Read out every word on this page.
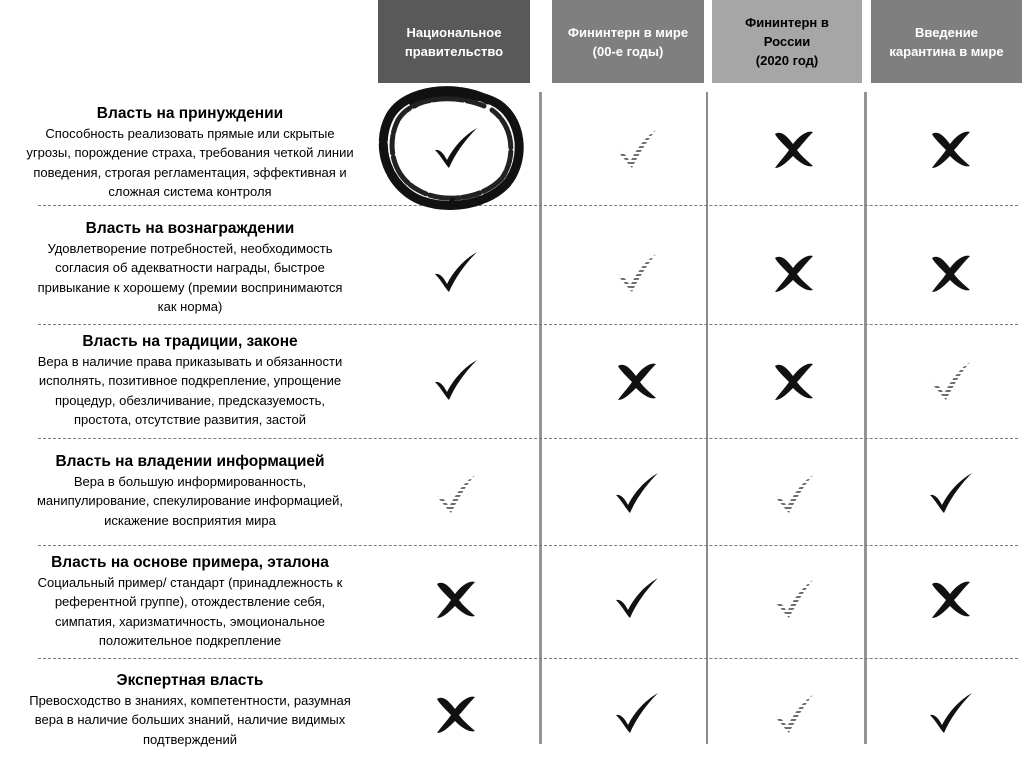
Национальное
правительство
Фининтерн в мире
(00-е годы)
Фининтерн в
России
(2020 год)
Введение
карантина в мире
Власть на принуждении
Способность реализовать прямые или скрытые
угрозы, порождение страха, требования четкой линии
поведения, строгая регламентация, эффективная и
сложная система контроля
Власть на вознаграждении
Удовлетворение потребностей, необходимость
согласия об адекватности награды, быстрое
привыкание к хорошему (премии воспринимаются
как норма)
Власть на традиции, законе
Вера в наличие права приказывать и обязанности
исполнять, позитивное подкрепление, упрощение
процедур, обезличивание, предсказуемость,
простота, отсутствие развития, застой
Власть на владении информацией
Вера в большую информированность,
манипулирование, спекулирование информацией,
искажение восприятия мира
Власть на основе примера, эталона
Социальный пример/ стандарт (принадлежность к
референтной группе), отождествление себя,
симпатия, харизматичность, эмоциональное
положительное подкрепление
Экспертная власть
Превосходство в знаниях, компетентности, разумная
вера в наличие больших знаний, наличие видимых
подтверждений
